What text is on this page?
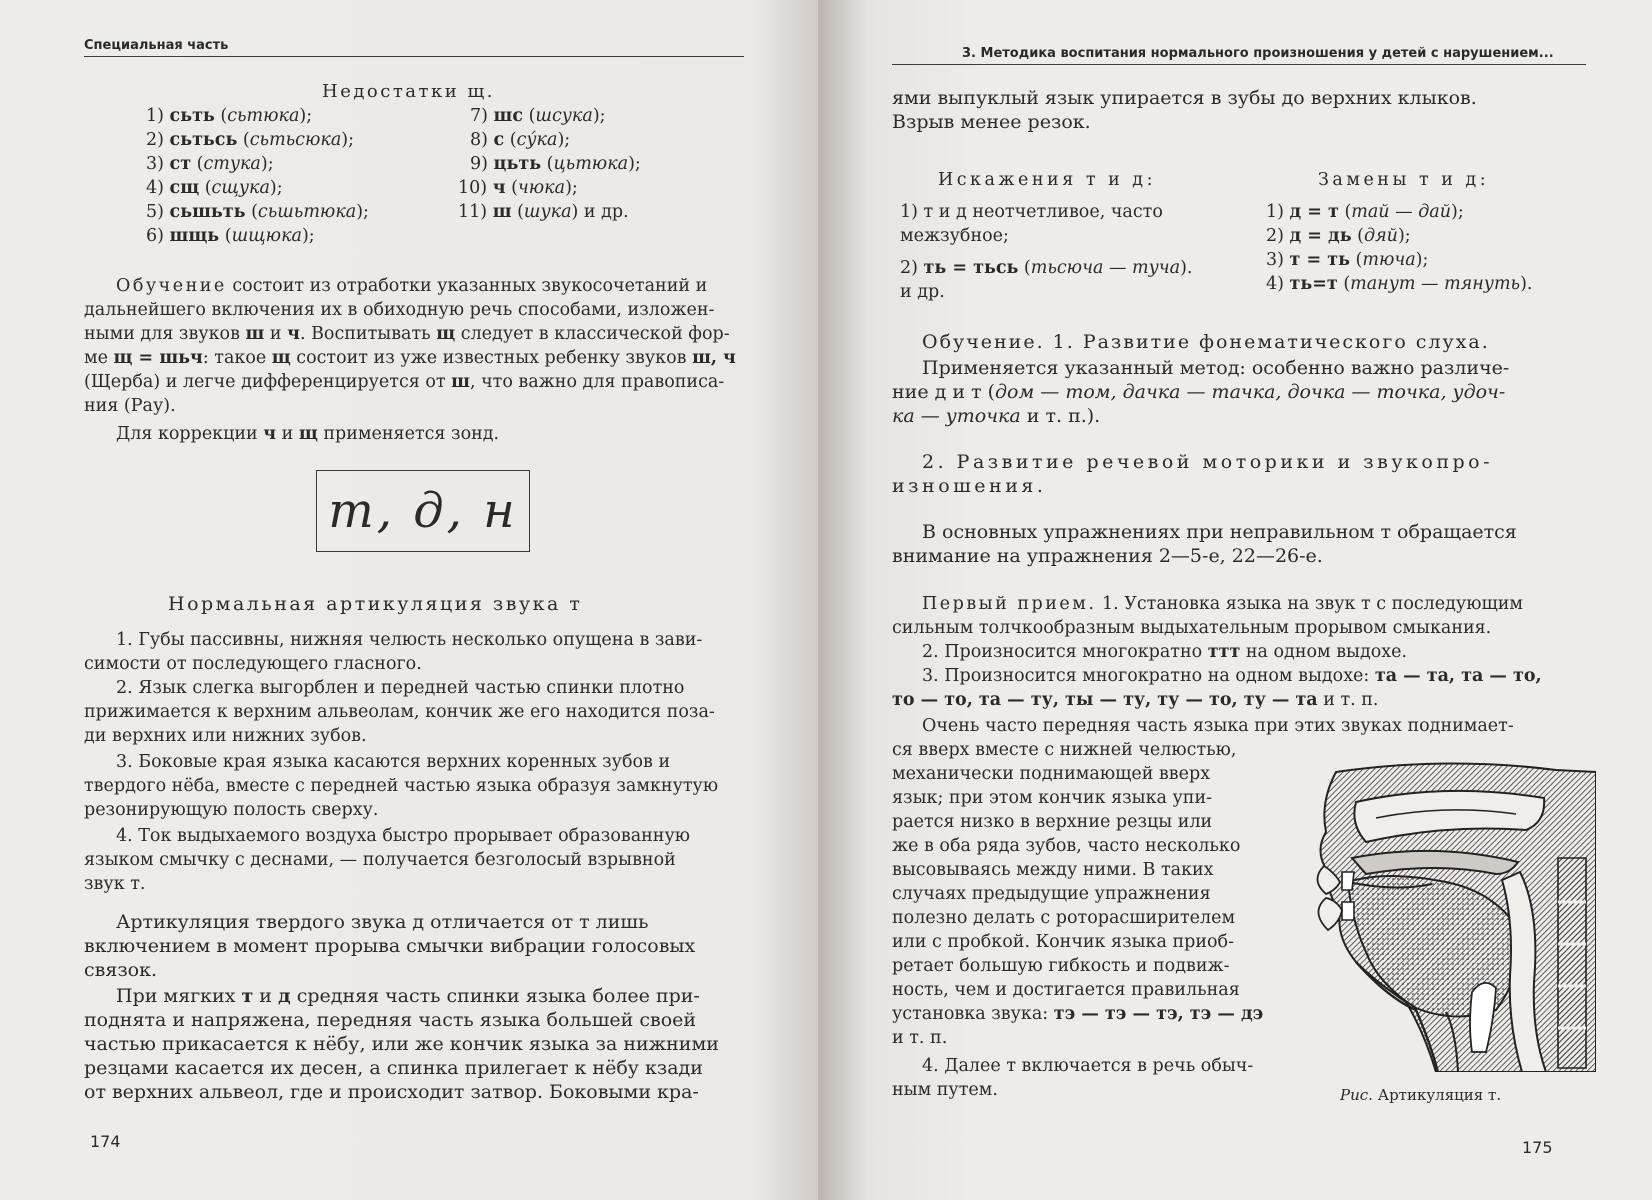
Специальная часть
Недостатки щ.
1) сьть (сьтюка);
2) сьтьсь (сьтьсюка);
3) ст (стука);
4) сщ (сщука);
5) сьшьть (сьшьтюка);
6) шщь (шщюка);
7) шс (шсука);
8) с (су́ка);
9) цьть (цьтюка);
10) ч (чюка);
11) ш (шука) и др.
Обучение состоит из отработки указанных звукосочетаний и
дальнейшего включения их в обиходную речь способами, изложен-
ными для звуков ш и ч. Воспитывать щ следует в классической фор-
ме щ = шьч: такое щ состоит из уже известных ребенку звуков ш, ч
(Щерба) и легче дифференцируется от ш, что важно для правописа-
ния (Рау).
Для коррекции ч и щ применяется зонд.
т, д, н
Нормальная артикуляция звука т
1. Губы пассивны, нижняя челюсть несколько опущена в зави-
симости от последующего гласного.
2. Язык слегка выгорблен и передней частью спинки плотно
прижимается к верхним альвеолам, кончик же его находится поза-
ди верхних или нижних зубов.
3. Боковые края языка касаются верхних коренных зубов и
твердого нёба, вместе с передней частью языка образуя замкнутую
резонирующую полость сверху.
4. Ток выдыхаемого воздуха быстро прорывает образованную
языком смычку с деснами, — получается безголосый взрывной
звук т.
Артикуляция твердого звука д отличается от т лишь
включением в момент прорыва смычки вибрации голосовых
связок.
При мягких т и д средняя часть спинки языка более при-
поднята и напряжена, передняя часть языка большей своей
частью прикасается к нёбу, или же кончик языка за нижними
резцами касается их десен, а спинка прилегает к нёбу кзади
от верхних альвеол, где и происходит затвор. Боковыми кра-
174
3. Методика воспитания нормального произношения у детей с нарушением...
ями выпуклый язык упирается в зубы до верхних клыков.
Взрыв менее резок.
Искажения т и д:	Замены т и д:
1) т и д неотчетливое, часто
межзубное;
2) ть = тьсь (тьсюча — туча).
и др.
1) д = т (тай — дай);
2) д = дь (дяй);
3) т = ть (тюча);
4) ть=т (танут — тянуть).
Обучение. 1. Развитие фонематического слуха.
Применяется указанный метод: особенно важно различе-
ние д и т (дом — том, дачка — тачка, дочка — точка, удоч-
ка — уточка и т. п.).
2. Развитие речевой моторики и звукопро-
изношения.
В основных упражнениях при неправильном т обращается
внимание на упражнения 2—5-е, 22—26-е.
Первый прием. 1. Установка языка на звук т с последующим
сильным толчкообразным выдыхательным прорывом смыкания.
2. Произносится многократно ттт на одном выдохе.
3. Произносится многократно на одном выдохе: та — та, та — то,
то — то, та — ту, ты — ту, ту — то, ту — та и т. п.
Очень часто передняя часть языка при этих звуках поднимает-
ся вверх вместе с нижней челюстью,
механически поднимающей вверх
язык; при этом кончик языка упи-
рается низко в верхние резцы или
же в оба ряда зубов, часто несколько
высовываясь между ними. В таких
случаях предыдущие упражнения
полезно делать с роторасширителем
или с пробкой. Кончик языка приоб-
ретает большую гибкость и подвиж-
ность, чем и достигается правильная
установка звука: тэ — тэ — тэ, тэ — дэ
и т. п.
4. Далее т включается в речь обыч-
ным путем.	Рис. Артикуляция т.
175
